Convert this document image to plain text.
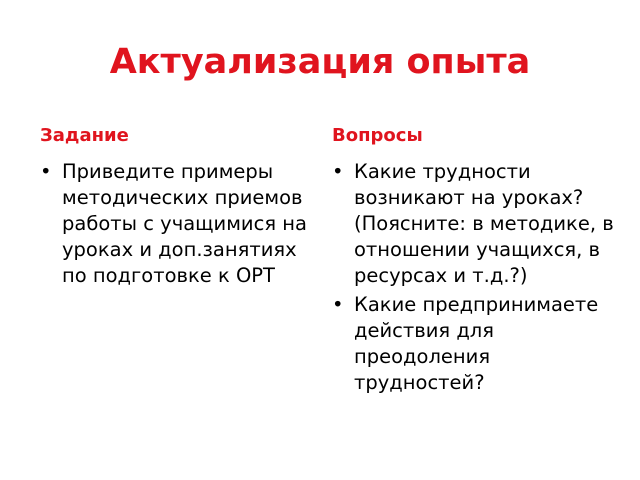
Актуализация опыта
Задание
• Приведите примеры методических приемов работы с учащимися на уроках и доп.занятиях по подготовке к ОРТ
Вопросы
• Какие трудности возникают на уроках?(Поясните: в методике, в отношении учащихся, в ресурсах и т.д.?)
• Какие предпринимаете действия для преодоления трудностей?
